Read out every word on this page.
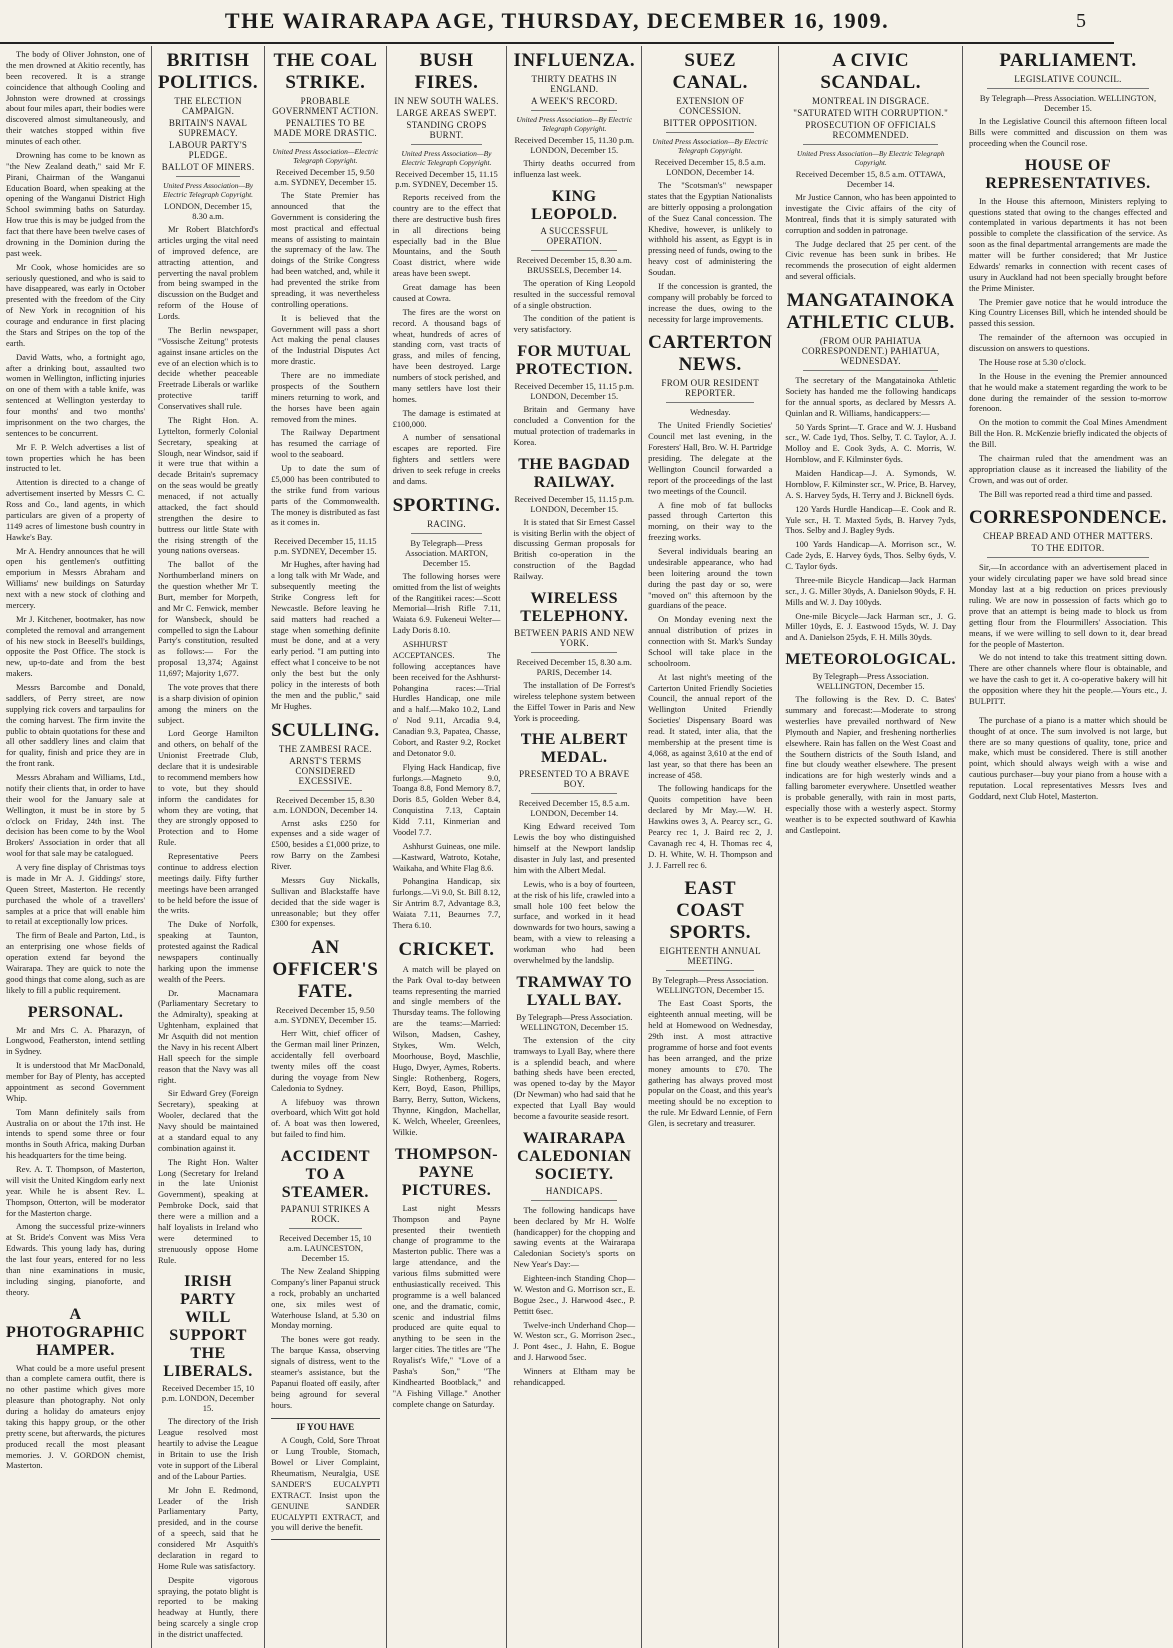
THE WAIRARAPA AGE, THURSDAY, DECEMBER 16, 1909.	5

The body of Oliver Johnston, one of the men drowned at Akitio recently, has been recovered. It is a strange coincidence that although Cooling and Johnston were drowned at crossings about four miles apart, their bodies were discovered almost simultaneously, and their watches stopped within five minutes of each other.

Drowning has come to be known as "the New Zealand death," said Mr F. Pirani, Chairman of the Wanganui Education Board, when speaking at the opening of the Wanganui District High School swimming baths on Saturday. How true this is may be judged from the fact that there have been twelve cases of drowning in the Dominion during the past week.

Mr Cook, whose homicides are so seriously questioned, and who is said to have disappeared, was early in October presented with the freedom of the City of New York in recognition of his courage and endurance in first placing the Stars and Stripes on the top of the earth.

David Watts, who, a fortnight ago, after a drinking bout, assaulted two women in Wellington, inflicting injuries on one of them with a table knife, was sentenced at Wellington yesterday to four months' and two months' imprisonment on the two charges, the sentences to be concurrent.

Mr F. P. Welch advertises a list of town properties which he has been instructed to let.

Attention is directed to a change of advertisement inserted by Messrs C. C. Ross and Co., land agents, in which particulars are given of a property of 1149 acres of limestone bush country in Hawke's Bay.

Mr A. Hendry announces that he will open his gentlemen's outfitting emporium in Messrs Abraham and Williams' new buildings on Saturday next with a new stock of clothing and mercery.

Mr J. Kitchener, bootmaker, has now completed the removal and arrangement of his new stock in Beesell's buildings, opposite the Post Office. The stock is new, up-to-date and from the best makers.

Messrs Barcombe and Donald, saddlers, of Perry street, are now supplying rick covers and tarpaulins for the coming harvest. The firm invite the public to obtain quotations for these and all other saddlery lines and claim that for quality, finish and price they are in the front rank.

Messrs Abraham and Williams, Ltd., notify their clients that, in order to have their wool for the January sale at Wellington, it must be in store by 5 o'clock on Friday, 24th inst. The decision has been come to by the Wool Brokers' Association in order that all wool for that sale may be catalogued.

A very fine display of Christmas toys is made in Mr A. J. Giddings' store, Queen Street, Masterton. He recently purchased the whole of a travellers' samples at a price that will enable him to retail at exceptionally low prices.

The firm of Beale and Parton, Ltd., is an enterprising one whose fields of operation extend far beyond the Wairarapa. They are quick to note the good things that come along, such as are likely to fill a public requirement.

PERSONAL.

Mr and Mrs C. A. Pharazyn, of Longwood, Featherston, intend settling in Sydney.

It is understood that Mr MacDonald, member for Bay of Plenty, has accepted appointment as second Government Whip.

Tom Mann definitely sails from Australia on or about the 17th inst. He intends to spend some three or four months in South Africa, making Durban his headquarters for the time being.

Rev. A. T. Thompson, of Masterton, will visit the United Kingdom early next year. While he is absent Rev. L. Thompson, Otterton, will be moderator for the Masterton charge.

Among the successful prize-winners at St. Bride's Convent was Miss Vera Edwards. This young lady has, during the last four years, entered for no less than nine examinations in music, including singing, pianoforte, and theory.

A PHOTOGRAPHIC HAMPER.

What could be a more useful present than a complete camera outfit, there is no other pastime which gives more pleasure than photography. Not only during a holiday do amateurs enjoy taking this happy group, or the other pretty scene, but afterwards, the pictures produced recall the most pleasant memories. J. V. GORDON chemist, Masterton.

BRITISH POLITICS.
THE ELECTION CAMPAIGN.
BRITAIN'S NAVAL SUPREMACY.
LABOUR PARTY'S PLEDGE.
BALLOT OF MINERS.
United Press Association—By Electric Telegraph Copyright.
LONDON, December 15, 8.30 a.m.

Mr Robert Blatchford's articles urging the vital need of improved defence, are attracting attention, and perverting the naval problem from being swamped in the discussion on the Budget and reform of the House of Lords.

The Berlin newspaper, "Vossische Zeitung" protests against insane articles on the eve of an election which is to decide whether peaceable Freetrade Liberals or warlike protective tariff Conservatives shall rule.

The Right Hon. A. Lyttelton, formerly Colonial Secretary, speaking at Slough, near Windsor, said if it were true that within a decade Britain's supremacy on the seas would be greatly menaced, if not actually attacked, the fact should strengthen the desire to buttress our little State with the rising strength of the young nations overseas.

The ballot of the Northumberland miners on the question whether Mr T. Burt, member for Morpeth, and Mr C. Fenwick, member for Wansbeck, should be compelled to sign the Labour Party's constitution, resulted as follows:— For the proposal 13,374; Against 11,697; Majority 1,677.

The vote proves that there is a sharp division of opinion among the miners on the subject.

Lord George Hamilton and others, on behalf of the Unionist Freetrade Club, declare that it is undesirable to recommend members how to vote, but they should inform the candidates for whom they are voting, that they are strongly opposed to Protection and to Home Rule.

Representative Peers continue to address election meetings daily. Fifty further meetings have been arranged to be held before the issue of the writs.

The Duke of Norfolk, speaking at Taunton, protested against the Radical newspapers continually harking upon the immense wealth of the Peers.

Dr. Macnamara (Parliamentary Secretary to the Admiralty), speaking at Ughtenham, explained that Mr Asquith did not mention the Navy in his recent Albert Hall speech for the simple reason that the Navy was all right.

Sir Edward Grey (Foreign Secretary), speaking at Wooler, declared that the Navy should be maintained at a standard equal to any combination against it.

The Right Hon. Walter Long (Secretary for Ireland in the late Unionist Government), speaking at Pembroke Dock, said that there were a million and a half loyalists in Ireland who were determined to strenuously oppose Home Rule.

IRISH PARTY WILL SUPPORT THE LIBERALS.
Received December 15, 10 p.m. LONDON, December 15.

The directory of the Irish League resolved most heartily to advise the League in Britain to use the Irish vote in support of the Liberal and of the Labour Parties.

Mr John E. Redmond, Leader of the Irish Parliamentary Party, presided, and in the course of a speech, said that he considered Mr Asquith's declaration in regard to Home Rule was satisfactory.

Despite vigorous spraying, the potato blight is reported to be making headway at Huntly, there being scarcely a single crop in the district unaffected.

THE COAL STRIKE.
PROBABLE GOVERNMENT ACTION.
PENALTIES TO BE MADE MORE DRASTIC.
United Press Association—Electric Telegraph Copyright.
Received December 15, 9.50 a.m. SYDNEY, December 15.

The State Premier has announced that the Government is considering the most practical and effectual means of assisting to maintain the supremacy of the law. The doings of the Strike Congress had been watched, and, while it had prevented the strike from spreading, it was nevertheless controlling operations.

It is believed that the Government will pass a short Act making the penal clauses of the Industrial Disputes Act more drastic.

There are no immediate prospects of the Southern miners returning to work, and the horses have been again removed from the mines.

The Railway Department has resumed the carriage of wool to the seaboard.

Up to date the sum of £5,000 has been contributed to the strike fund from various parts of the Commonwealth. The money is distributed as fast as it comes in.

Received December 15, 11.15 p.m. SYDNEY, December 15.

Mr Hughes, after having had a long talk with Mr Wade, and subsequently meeting the Strike Congress left for Newcastle. Before leaving he said matters had reached a stage when something definite must be done, and at a very early period. "I am putting into effect what I conceive to be not only the best but the only policy in the interests of both the men and the public," said Mr Hughes.

SCULLING.
THE ZAMBESI RACE.
ARNST'S TERMS CONSIDERED EXCESSIVE.
Received December 15, 8.30 a.m. LONDON, December 14.

Arnst asks £250 for expenses and a side wager of £500, besides a £1,000 prize, to row Barry on the Zambesi River.

Messrs Guy Nickalls, Sullivan and Blackstaffe have decided that the side wager is unreasonable; but they offer £300 for expenses.

AN OFFICER'S FATE.
Received December 15, 9.50 a.m. SYDNEY, December 15.

Herr Witt, chief officer of the German mail liner Prinzen, accidentally fell overboard twenty miles off the coast during the voyage from New Caledonia to Sydney.

A lifebuoy was thrown overboard, which Witt got hold of. A boat was then lowered, but failed to find him.

ACCIDENT TO A STEAMER.
PAPANUI STRIKES A ROCK.
Received December 15, 10 a.m. LAUNCESTON, December 15.

The New Zealand Shipping Company's liner Papanui struck a rock, probably an uncharted one, six miles west of Waterhouse Island, at 5.30 on Monday morning.

The bones were got ready. The barque Kassa, observing signals of distress, went to the steamer's assistance, but the Papanui floated off easily, after being aground for several hours.

IF YOU HAVE

A Cough, Cold, Sore Throat or Lung Trouble, Stomach, Bowel or Liver Complaint, Rheumatism, Neuralgia, USE SANDER'S EUCALYPTI EXTRACT. Insist upon the GENUINE SANDER EUCALYPTI EXTRACT, and you will derive the benefit.

BUSH FIRES.
IN NEW SOUTH WALES.
LARGE AREAS SWEPT.
STANDING CROPS BURNT.
United Press Association—By Electric Telegraph Copyright.
Received December 15, 11.15 p.m. SYDNEY, December 15.

Reports received from the country are to the effect that there are destructive bush fires in all directions being especially bad in the Blue Mountains, and the South Coast district, where wide areas have been swept.

Great damage has been caused at Cowra.

The fires are the worst on record. A thousand bags of wheat, hundreds of acres of standing corn, vast tracts of grass, and miles of fencing, have been destroyed. Large numbers of stock perished, and many settlers have lost their homes.

The damage is estimated at £100,000.

A number of sensational escapes are reported. Fire fighters and settlers were driven to seek refuge in creeks and dams.

SPORTING.
RACING.
By Telegraph—Press Association. MARTON, December 15.

The following horses were omitted from the list of weights of the Rangitikei races:—Scott Memorial—Irish Rifle 7.11, Waiata 6.9. Fukeneui Welter—Lady Doris 8.10.

ASHHURST ACCEPTANCES. The following acceptances have been received for the Ashhurst-Pohangina races:—Trial Hurdles Handicap, one mile and a half.—Mako 10.2, Land o' Nod 9.11, Arcadia 9.4, Canadian 9.3, Papatea, Chasse, Cobort, and Raster 9.2, Rocket and Detonator 9.0.

Flying Hack Handicap, five furlongs.—Magneto 9.0, Toanga 8.8, Fond Memory 8.7, Doris 8.5, Golden Weber 8.4, Conquistina 7.13, Captain Kidd 7.11, Kinmerian and Voodel 7.7.

Ashhurst Guineas, one mile.—Kastward, Watroto, Kotahe, Waikaha, and White Flag 8.6.

Pohangina Handicap, six furlongs.—Vi 9.0, St. Bill 8.12, Sir Antrim 8.7, Advantage 8.3, Waiata 7.11, Beaurnes 7.7, Thera 6.10.

CRICKET.

A match will be played on the Park Oval to-day between teams representing the married and single members of the Thursday teams. The following are the teams:—Married: Wilson, Madsen, Cashey, Stykes, Wm. Welch, Moorhouse, Boyd, Maschlie, Hugo, Dwyer, Aymes, Roberts. Single: Rothenberg, Rogers, Kerr, Boyd, Eason, Phillips, Barry, Berry, Sutton, Wickens, Thynne, Kingdon, Machellar, K. Welch, Wheeler, Greenlees, Wilkie.

THOMPSON-PAYNE PICTURES.

Last night Messrs Thompson and Payne presented their twentieth change of programme to the Masterton public. There was a large attendance, and the various films submitted were enthusiastically received. This programme is a well balanced one, and the dramatic, comic, scenic and industrial films produced are quite equal to anything to be seen in the larger cities. The titles are "The Royalist's Wife," "Love of a Pasha's Son," "The Kindhearted Bootblack," and "A Fishing Village." Another complete change on Saturday.

INFLUENZA.
THIRTY DEATHS IN ENGLAND.
A WEEK'S RECORD.
United Press Association—By Electric Telegraph Copyright.
Received December 15, 11.30 p.m. LONDON, December 15.

Thirty deaths occurred from influenza last week.

KING LEOPOLD.
A SUCCESSFUL OPERATION.
Received December 15, 8.30 a.m. BRUSSELS, December 14.

The operation of King Leopold resulted in the successful removal of a single obstruction.

The condition of the patient is very satisfactory.

FOR MUTUAL PROTECTION.
Received December 15, 11.15 p.m. LONDON, December 15.

Britain and Germany have concluded a Convention for the mutual protection of trademarks in Korea.

THE BAGDAD RAILWAY.
Received December 15, 11.15 p.m. LONDON, December 15.

It is stated that Sir Ernest Cassel is visiting Berlin with the object of discussing German proposals for British co-operation in the construction of the Bagdad Railway.

WIRELESS TELEPHONY.
BETWEEN PARIS AND NEW YORK.
Received December 15, 8.30 a.m. PARIS, December 14.

The installation of De Forrest's wireless telephone system between the Eiffel Tower in Paris and New York is proceeding.

THE ALBERT MEDAL.
PRESENTED TO A BRAVE BOY.
Received December 15, 8.5 a.m. LONDON, December 14.

King Edward received Tom Lewis the boy who distinguished himself at the Newport landslip disaster in July last, and presented him with the Albert Medal.

Lewis, who is a boy of fourteen, at the risk of his life, crawled into a small hole 100 feet below the surface, and worked in it head downwards for two hours, sawing a beam, with a view to releasing a workman who had been overwhelmed by the landslip.

TRAMWAY TO LYALL BAY.
By Telegraph—Press Association. WELLINGTON, December 15.

The extension of the city tramways to Lyall Bay, where there is a splendid beach, and where bathing sheds have been erected, was opened to-day by the Mayor (Dr Newman) who had said that he expected that Lyall Bay would become a favourite seaside resort.

WAIRARAPA CALEDONIAN SOCIETY.
HANDICAPS.

The following handicaps have been declared by Mr H. Wolfe (handicapper) for the chopping and sawing events at the Wairarapa Caledonian Society's sports on New Year's Day:—

Eighteen-inch Standing Chop—W. Weston and G. Morrison scr., E. Bogue 2sec., J. Harwood 4sec., P. Pettitt 6sec.

Twelve-inch Underhand Chop—W. Weston scr., G. Morrison 2sec., J. Pont 4sec., J. Hahn, E. Bogue and J. Harwood 5sec.

Winners at Eltham may be rehandicapped.

SUEZ CANAL.
EXTENSION OF CONCESSION.
BITTER OPPOSITION.
United Press Association—By Electric Telegraph Copyright.
Received December 15, 8.5 a.m. LONDON, December 14.

The "Scotsman's" newspaper states that the Egyptian Nationalists are bitterly opposing a prolongation of the Suez Canal concession. The Khedive, however, is unlikely to withhold his assent, as Egypt is in pressing need of funds, owing to the heavy cost of administering the Soudan.

If the concession is granted, the company will probably be forced to increase the dues, owing to the necessity for large improvements.

CARTERTON NEWS.
FROM OUR RESIDENT REPORTER.
Wednesday.

The United Friendly Societies' Council met last evening, in the Foresters' Hall, Bro. W. H. Partridge presiding. The delegate at the Wellington Council forwarded a report of the proceedings of the last two meetings of the Council.

A fine mob of fat bullocks passed through Carterton this morning, on their way to the freezing works.

Several individuals bearing an undesirable appearance, who had been loitering around the town during the past day or so, were "moved on" this afternoon by the guardians of the peace.

On Monday evening next the annual distribution of prizes in connection with St. Mark's Sunday School will take place in the schoolroom.

At last night's meeting of the Carterton United Friendly Societies Council, the annual report of the Wellington United Friendly Societies' Dispensary Board was read. It stated, inter alia, that the membership at the present time is 4,068, as against 3,610 at the end of last year, so that there has been an increase of 458.

The following handicaps for the Quoits competition have been declared by Mr May.—W. H. Hawkins owes 3, A. Pearcy scr., G. Pearcy rec 1, J. Baird rec 2, J. Cavanagh rec 4, H. Thomas rec 4, D. H. White, W. H. Thompson and J. J. Farrell rec 6.

EAST COAST SPORTS.
EIGHTEENTH ANNUAL MEETING.
By Telegraph—Press Association. WELLINGTON, December 15.

The East Coast Sports, the eighteenth annual meeting, will be held at Homewood on Wednesday, 29th inst. A most attractive programme of horse and foot events has been arranged, and the prize money amounts to £70. The gathering has always proved most popular on the Coast, and this year's meeting should be no exception to the rule. Mr Edward Lennie, of Fern Glen, is secretary and treasurer.

A CIVIC SCANDAL.
MONTREAL IN DISGRACE.
"SATURATED WITH CORRUPTION."
PROSECUTION OF OFFICIALS RECOMMENDED.
United Press Association—By Electric Telegraph Copyright.
Received December 15, 8.5 a.m. OTTAWA, December 14.

Mr Justice Cannon, who has been appointed to investigate the Civic affairs of the city of Montreal, finds that it is simply saturated with corruption and sodden in patronage.

The Judge declared that 25 per cent. of the Civic revenue has been sunk in bribes. He recommends the prosecution of eight aldermen and several officials.

MANGATAINOKA ATHLETIC CLUB.
(FROM OUR PAHIATUA CORRESPONDENT.) PAHIATUA, WEDNESDAY.

The secretary of the Mangatainoka Athletic Society has handed me the following handicaps for the annual sports, as declared by Messrs A. Quinlan and R. Williams, handicappers:—

50 Yards Sprint—T. Grace and W. J. Husband scr., W. Cade 1yd, Thos. Selby, T. C. Taylor, A. J. Molloy and E. Cook 3yds, A. C. Morris, W. Hornblow, and F. Kilminster 6yds.

Maiden Handicap—J. A. Symonds, W. Hornblow, F. Kilminster scr., W. Price, B. Harvey, A. S. Harvey 5yds, H. Terry and J. Bicknell 6yds.

120 Yards Hurdle Handicap—E. Cook and R. Yule scr., H. T. Maxted 5yds, B. Harvey 7yds, Thos. Selby and J. Bagley 9yds.

100 Yards Handicap—A. Morrison scr., W. Cade 2yds, E. Harvey 6yds, Thos. Selby 6yds, V. C. Taylor 6yds.

Three-mile Bicycle Handicap—Jack Harman scr., J. G. Miller 30yds, A. Danielson 90yds, F. H. Mills and W. J. Day 100yds.

One-mile Bicycle—Jack Harman scr., J. G. Miller 10yds, E. J. Eastwood 15yds, W. J. Day and A. Danielson 25yds, F. H. Mills 30yds.

METEOROLOGICAL.
By Telegraph—Press Association. WELLINGTON, December 15.

The following is the Rev. D. C. Bates' summary and forecast:—Moderate to strong westerlies have prevailed northward of New Plymouth and Napier, and freshening northerlies elsewhere. Rain has fallen on the West Coast and the Southern districts of the South Island, and fine but cloudy weather elsewhere. The present indications are for high westerly winds and a falling barometer everywhere. Unsettled weather is probable generally, with rain in most parts, especially those with a westerly aspect. Stormy weather is to be expected southward of Kawhia and Castlepoint.

PARLIAMENT.
LEGISLATIVE COUNCIL.
By Telegraph—Press Association. WELLINGTON, December 15.

In the Legislative Council this afternoon fifteen local Bills were committed and discussion on them was proceeding when the Council rose.

HOUSE OF REPRESENTATIVES.

In the House this afternoon, Ministers replying to questions stated that owing to the changes effected and contemplated in various departments it has not been possible to complete the classification of the service. As soon as the final departmental arrangements are made the matter will be further considered; that Mr Justice Edwards' remarks in connection with recent cases of usury in Auckland had not been specially brought before the Prime Minister.

The Premier gave notice that he would introduce the King Country Licenses Bill, which he intended should be passed this session.

The remainder of the afternoon was occupied in discussion on answers to questions.

The House rose at 5.30 o'clock.

In the House in the evening the Premier announced that he would make a statement regarding the work to be done during the remainder of the session to-morrow forenoon.

On the motion to commit the Coal Mines Amendment Bill the Hon. R. McKenzie briefly indicated the objects of the Bill.

The chairman ruled that the amendment was an appropriation clause as it increased the liability of the Crown, and was out of order.

The Bill was reported read a third time and passed.

CORRESPONDENCE.
CHEAP BREAD AND OTHER MATTERS.
TO THE EDITOR.

Sir,—In accordance with an advertisement placed in your widely circulating paper we have sold bread since Monday last at a big reduction on prices previously ruling. We are now in possession of facts which go to prove that an attempt is being made to block us from getting flour from the Flourmillers' Association. This means, if we were willing to sell down to it, dear bread for the people of Masterton.

We do not intend to take this treatment sitting down. There are other channels where flour is obtainable, and we have the cash to get it. A co-operative bakery will hit the opposition where they hit the people.—Yours etc., J. BULPITT.

The purchase of a piano is a matter which should be thought of at once. The sum involved is not large, but there are so many questions of quality, tone, price and make, which must be considered. There is still another point, which should always weigh with a wise and cautious purchaser—buy your piano from a house with a reputation. Local representatives Messrs Ives and Goddard, next Club Hotel, Masterton.
